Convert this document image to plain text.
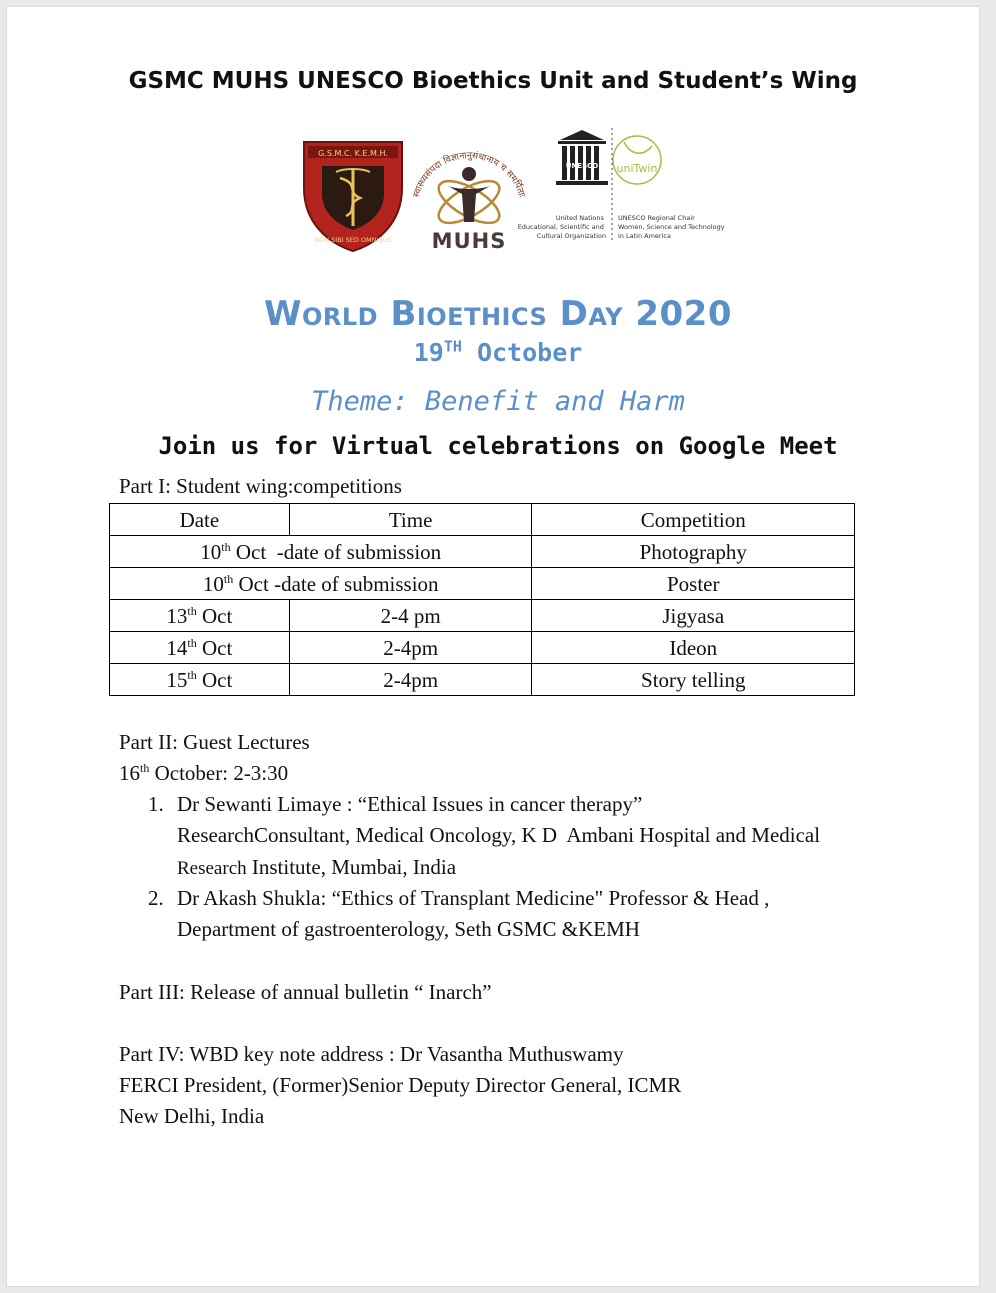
GSMC MUHS UNESCO Bioethics Unit and Student’s Wing
G.S.M.C. K.E.M.H.
NON SIBI SED OMNIBUS
स्वास्थ्यसंपदा विज्ञानानुसंधानाय च समर्पिताः
MUHS
UNESCO uniTwin
United Nations Educational, Scientific and Cultural Organization
UNESCO Regional Chair Women, Science and Technology in Latin America
World Bioethics Day 2020
19TH October
Theme: Benefit and Harm
Join us for Virtual celebrations on Google Meet
Part I: Student wing:competitions
Date	Time	Competition
10th Oct  -date of submission		Photography
10th Oct -date of submission		Poster
13th Oct	2-4 pm	Jigyasa
14th Oct	2-4pm	Ideon
15th Oct	2-4pm	Story telling
Part II: Guest Lectures
16th October: 2-3:30
1. Dr Sewanti Limaye : “Ethical Issues in cancer therapy”
ResearchConsultant, Medical Oncology, K D  Ambani Hospital and Medical
Research Institute, Mumbai, India
2. Dr Akash Shukla: “Ethics of Transplant Medicine" Professor & Head ,
Department of gastroenterology, Seth GSMC &KEMH
Part III: Release of annual bulletin “ Inarch”
Part IV: WBD key note address : Dr Vasantha Muthuswamy
FERCI President, (Former)Senior Deputy Director General, ICMR
New Delhi, India
